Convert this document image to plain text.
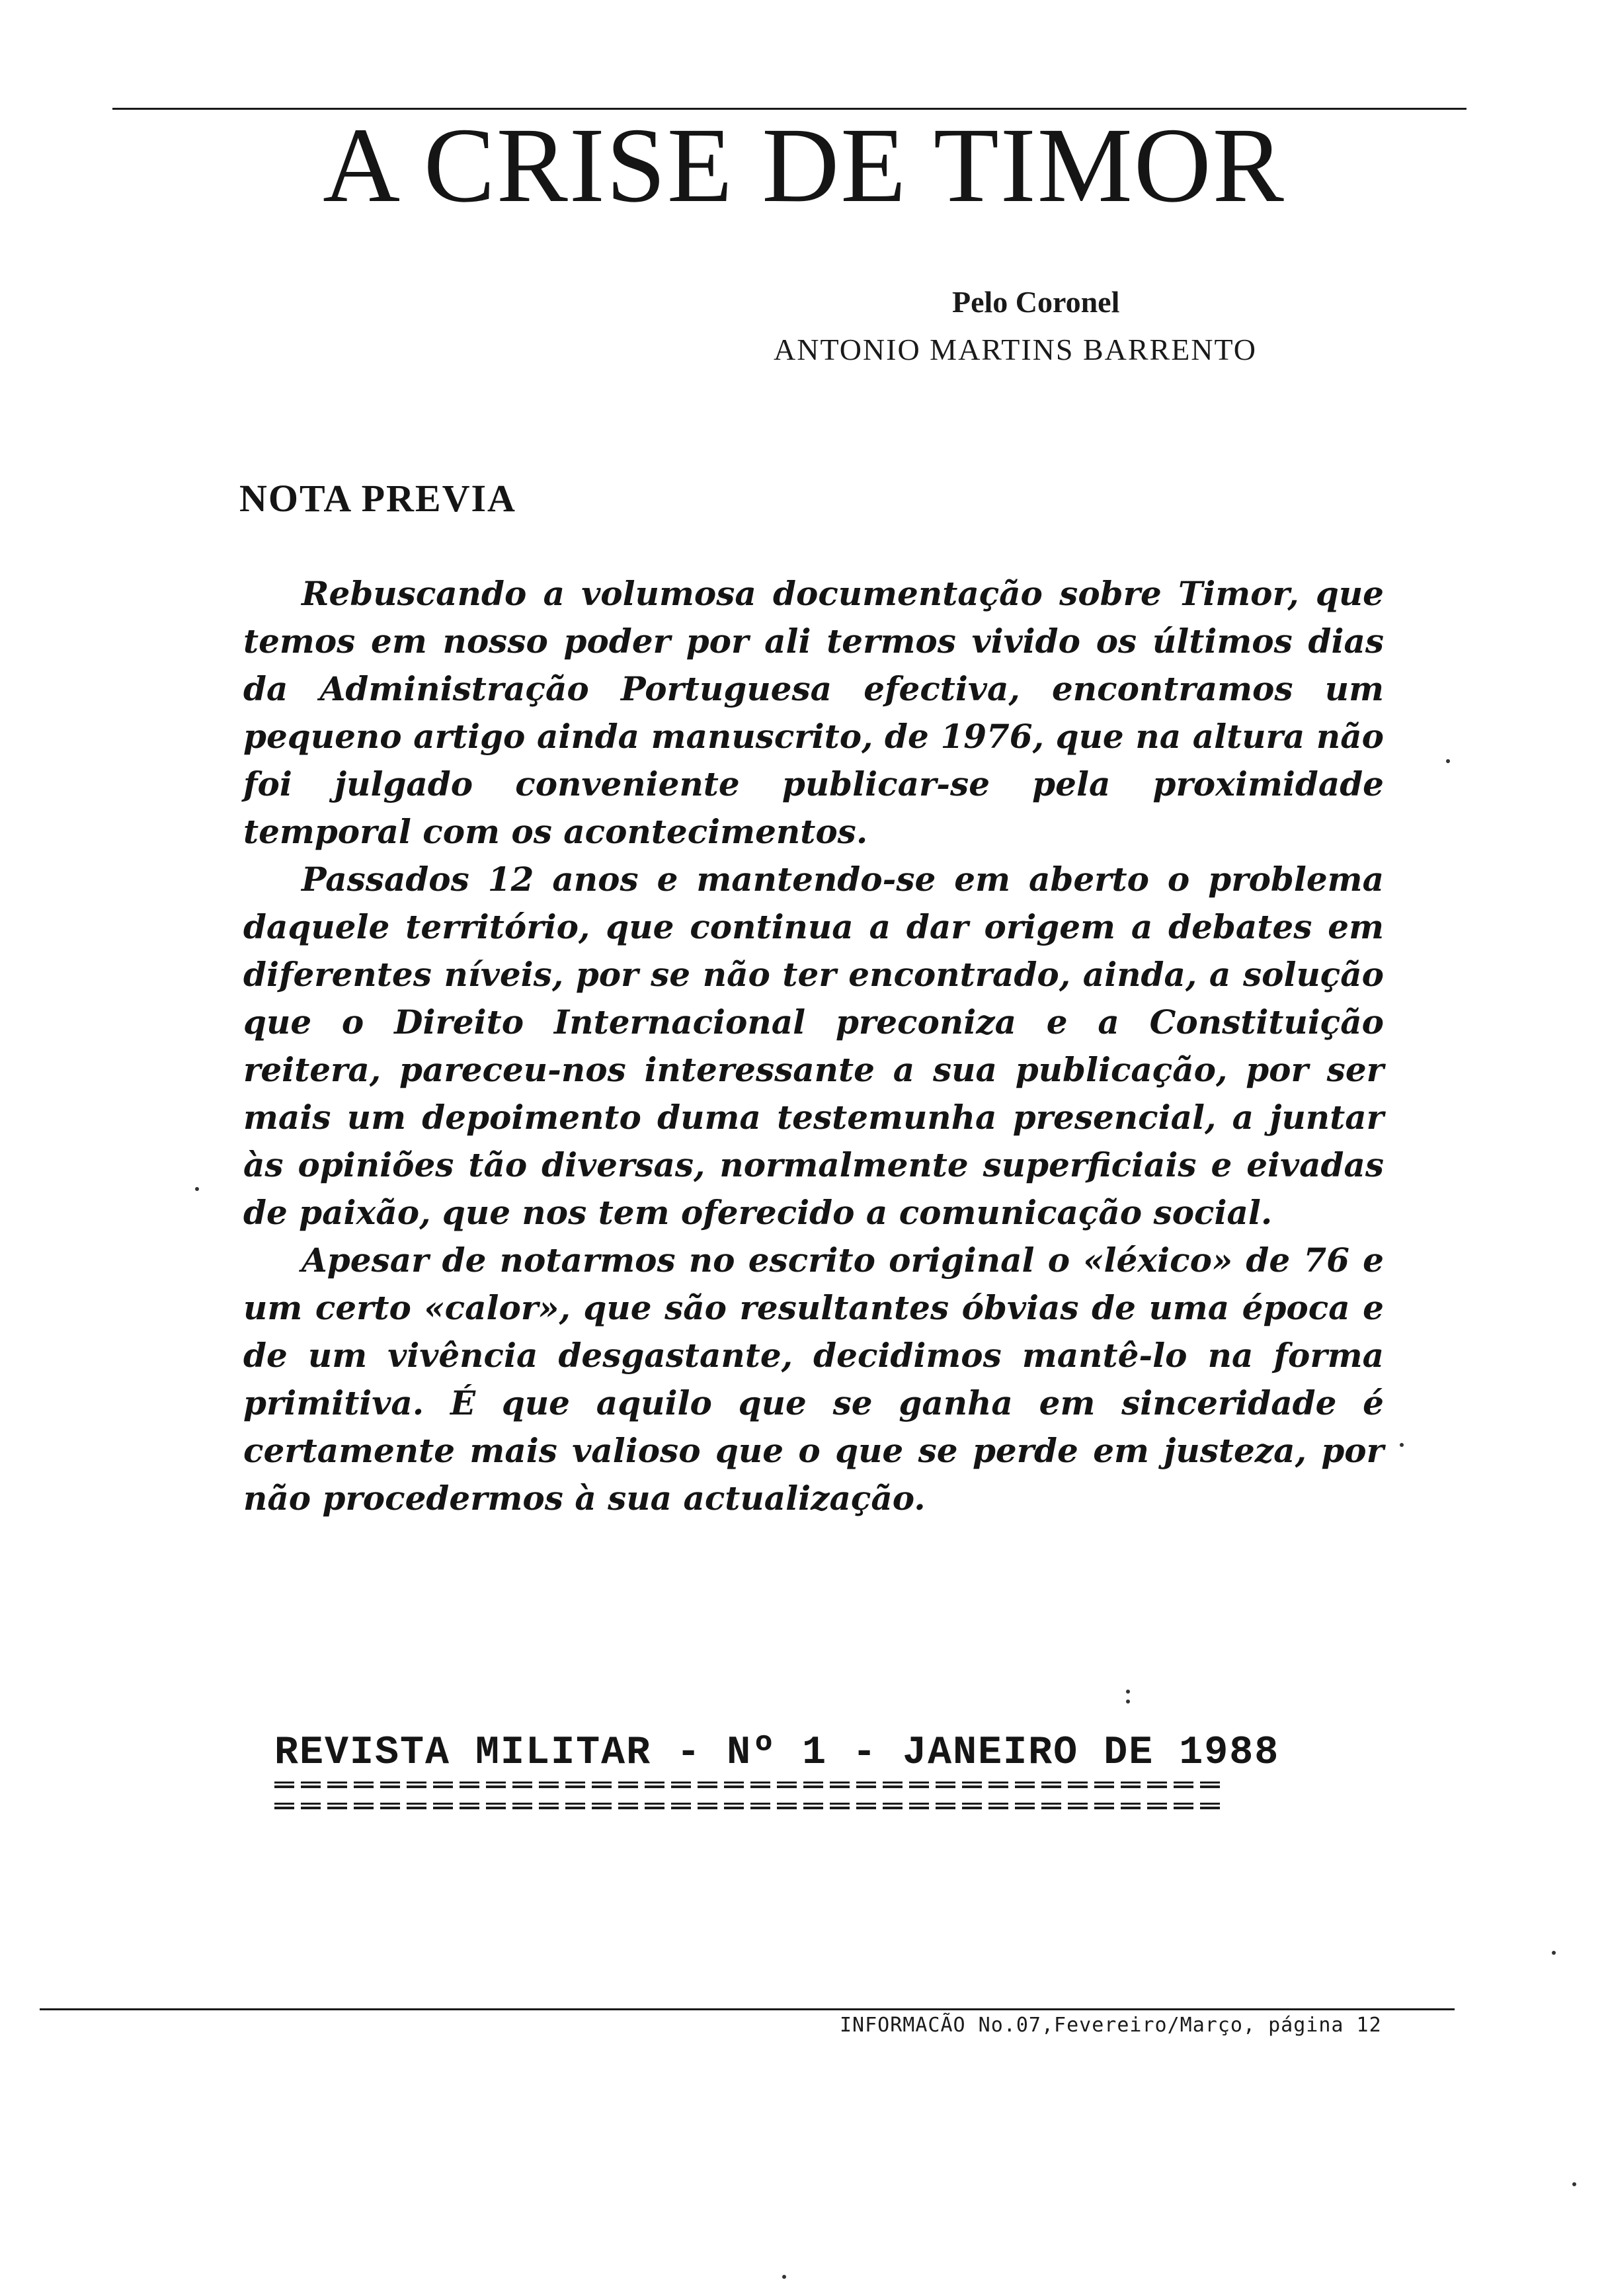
A CRISE DE TIMOR
Pelo Coronel
ANTONIO MARTINS BARRENTO
NOTA PREVIA

Rebuscando a volumosa documentação sobre Timor, que temos em nosso poder por ali termos vivido os últimos dias da Administração Portuguesa efectiva, encontramos um pequeno artigo ainda manuscrito, de 1976, que na altura não foi julgado conveniente publicar-se pela proximidade temporal com os acontecimentos.

Passados 12 anos e mantendo-se em aberto o problema daquele território, que continua a dar origem a debates em diferentes níveis, por se não ter encontrado, ainda, a solução que o Direito Internacional preconiza e a Constituição reitera, pareceu-nos interessante a sua publicação, por ser mais um depoimento duma testemunha presencial, a juntar às opiniões tão diversas, normalmente superficiais e eivadas de paixão, que nos tem oferecido a comunicação social.

Apesar de notarmos no escrito original o «léxico» de 76 e um certo «calor», que são resultantes óbvias de uma época e de um vivência desgastante, decidimos mantê-lo na forma primitiva. É que aquilo que se ganha em sinceridade é certamente mais valioso que o que se perde em justeza, por não procedermos à sua actualização.

REVISTA MILITAR - Nº 1 - JANEIRO DE 1988
INFORMACÃO No.07,Fevereiro/Março, página 12
